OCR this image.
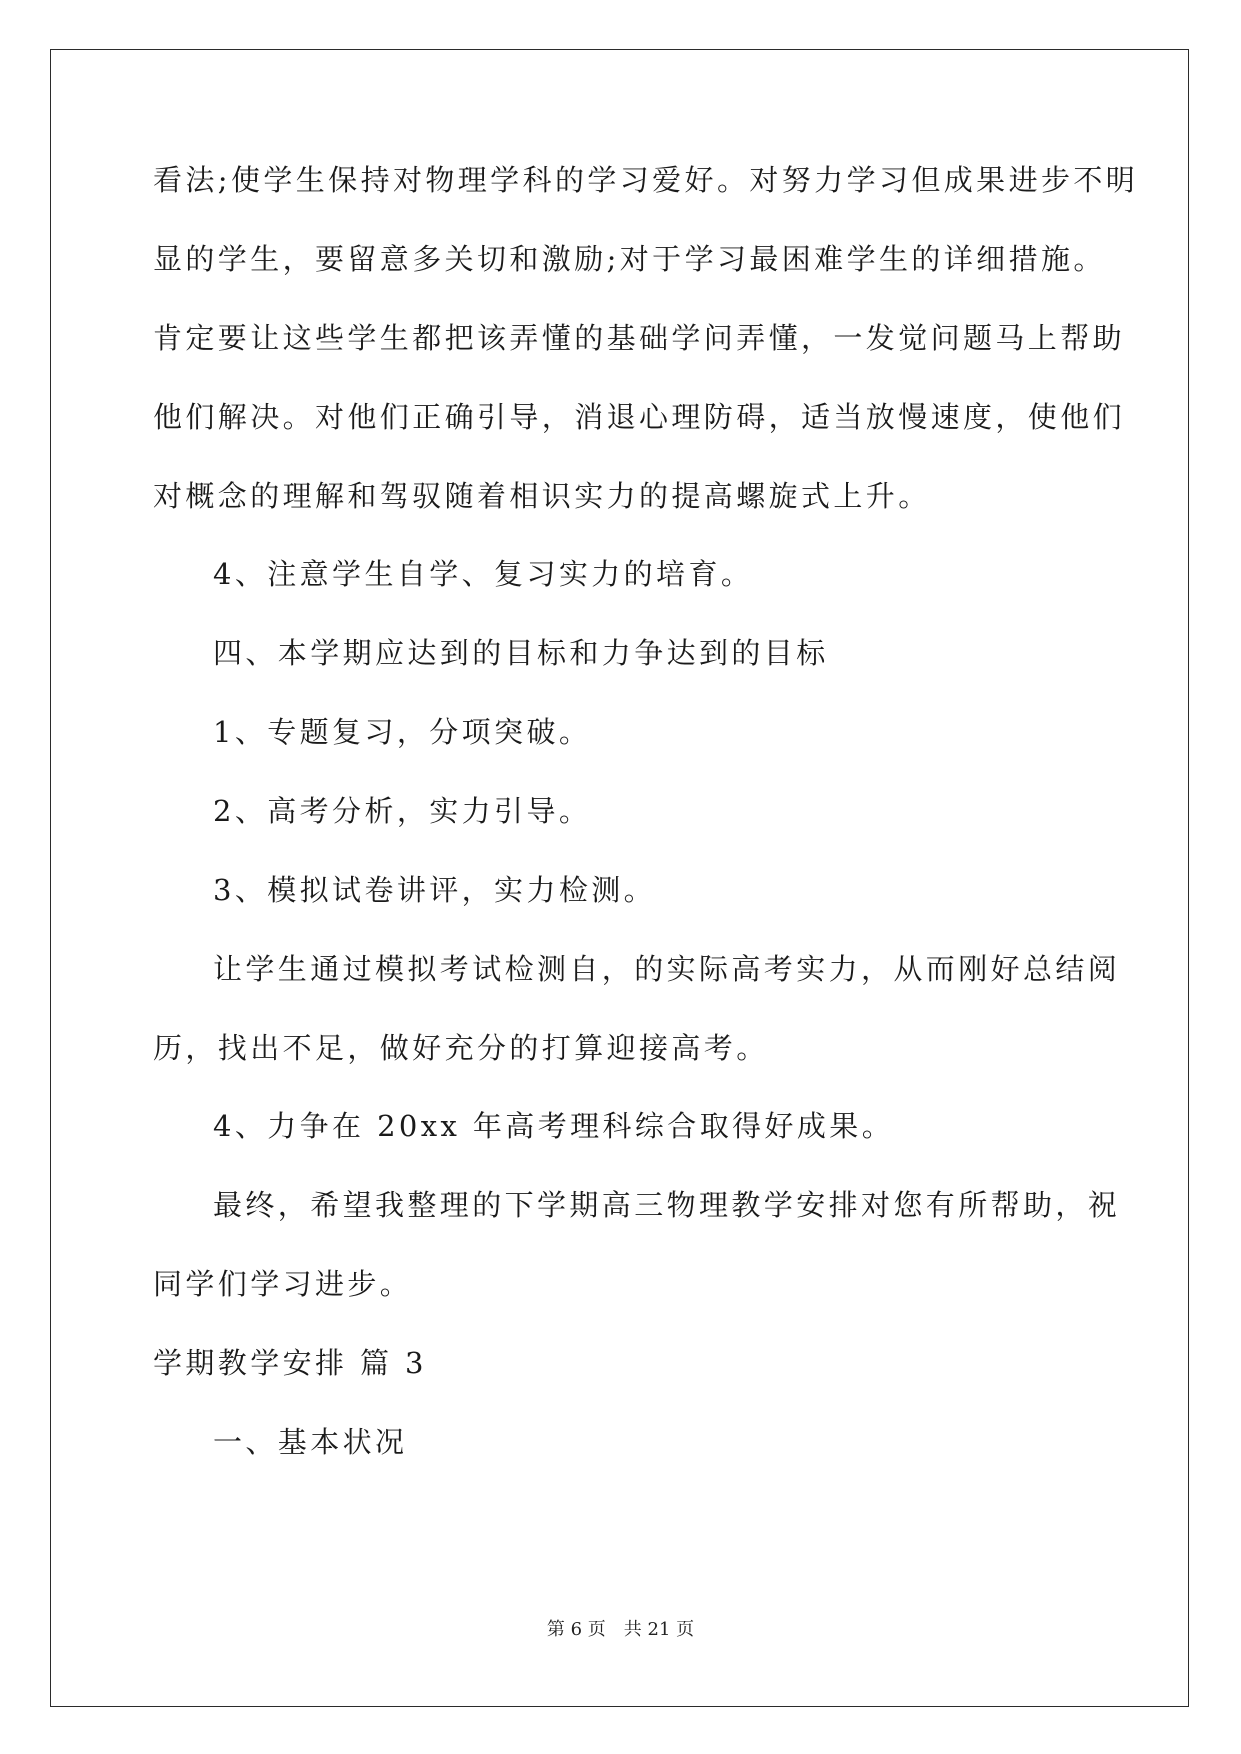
看法;使学生保持对物理学科的学习爱好。对努力学习但成果进步不明
显的学生，要留意多关切和激励;对于学习最困难学生的详细措施。
肯定要让这些学生都把该弄懂的基础学问弄懂，一发觉问题马上帮助
他们解决。对他们正确引导，消退心理防碍，适当放慢速度，使他们
对概念的理解和驾驭随着相识实力的提高螺旋式上升。
4、注意学生自学、复习实力的培育。
四、本学期应达到的目标和力争达到的目标
1、专题复习，分项突破。
2、高考分析，实力引导。
3、模拟试卷讲评，实力检测。
让学生通过模拟考试检测自，的实际高考实力，从而刚好总结阅
历，找出不足，做好充分的打算迎接高考。
4、力争在 20xx 年高考理科综合取得好成果。
最终，希望我整理的下学期高三物理教学安排对您有所帮助，祝
同学们学习进步。
学期教学安排 篇 3
一、基本状况
第 6 页 共 21 页
